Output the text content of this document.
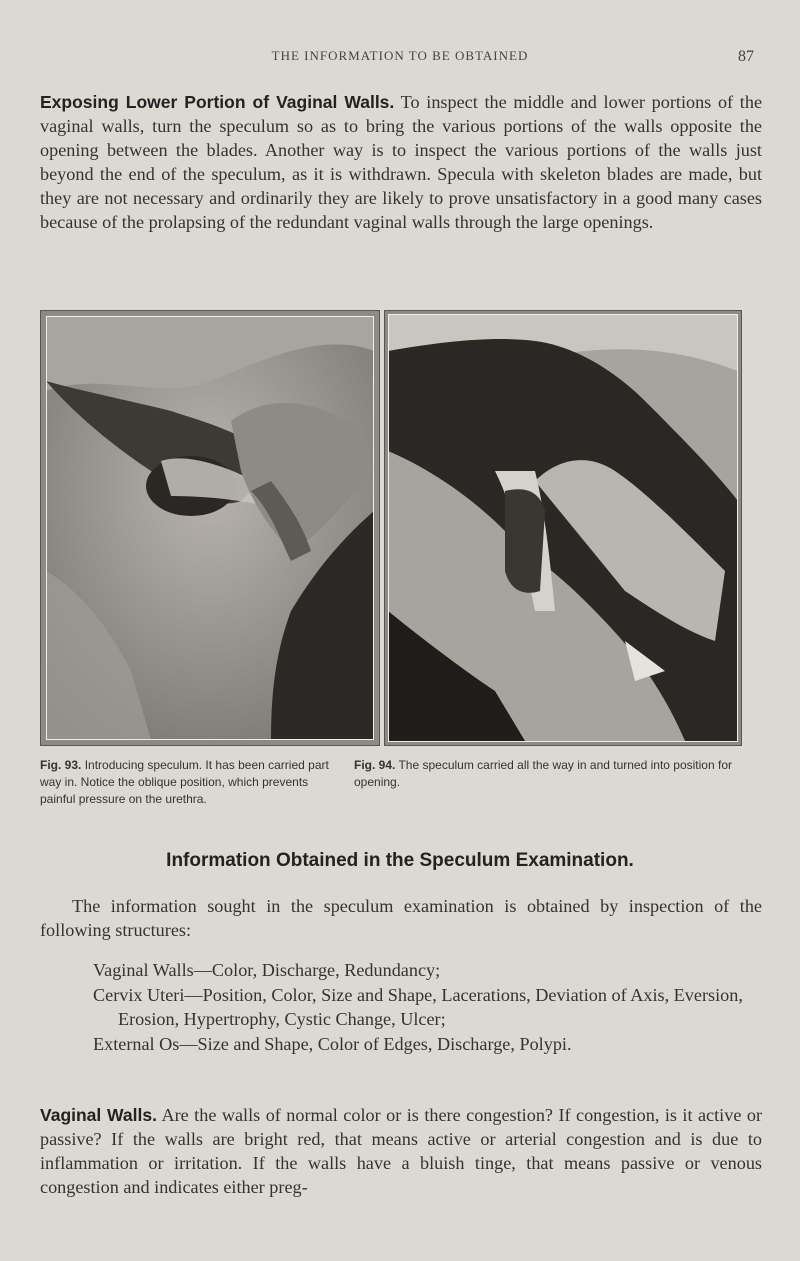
THE INFORMATION TO BE OBTAINED	87
Exposing Lower Portion of Vaginal Walls. To inspect the middle and lower portions of the vaginal walls, turn the speculum so as to bring the various portions of the walls opposite the opening between the blades. Another way is to inspect the various portions of the walls just beyond the end of the speculum, as it is withdrawn. Specula with skeleton blades are made, but they are not necessary and ordinarily they are likely to prove unsatisfactory in a good many cases because of the prolapsing of the redundant vaginal walls through the large openings.
Fig. 93. Introducing speculum. It has been carried part way in. Notice the oblique position, which prevents painful pressure on the urethra.
Fig. 94. The speculum carried all the way in and turned into position for opening.
Information Obtained in the Speculum Examination.
The information sought in the speculum examination is obtained by inspection of the following structures:
Vaginal Walls—Color, Discharge, Redundancy;
Cervix Uteri—Position, Color, Size and Shape, Lacerations, Deviation of Axis, Eversion, Erosion, Hypertrophy, Cystic Change, Ulcer;
External Os—Size and Shape, Color of Edges, Discharge, Polypi.
Vaginal Walls. Are the walls of normal color or is there congestion? If congestion, is it active or passive? If the walls are bright red, that means active or arterial congestion and is due to inflammation or irritation. If the walls have a bluish tinge, that means passive or venous congestion and indicates either preg-
